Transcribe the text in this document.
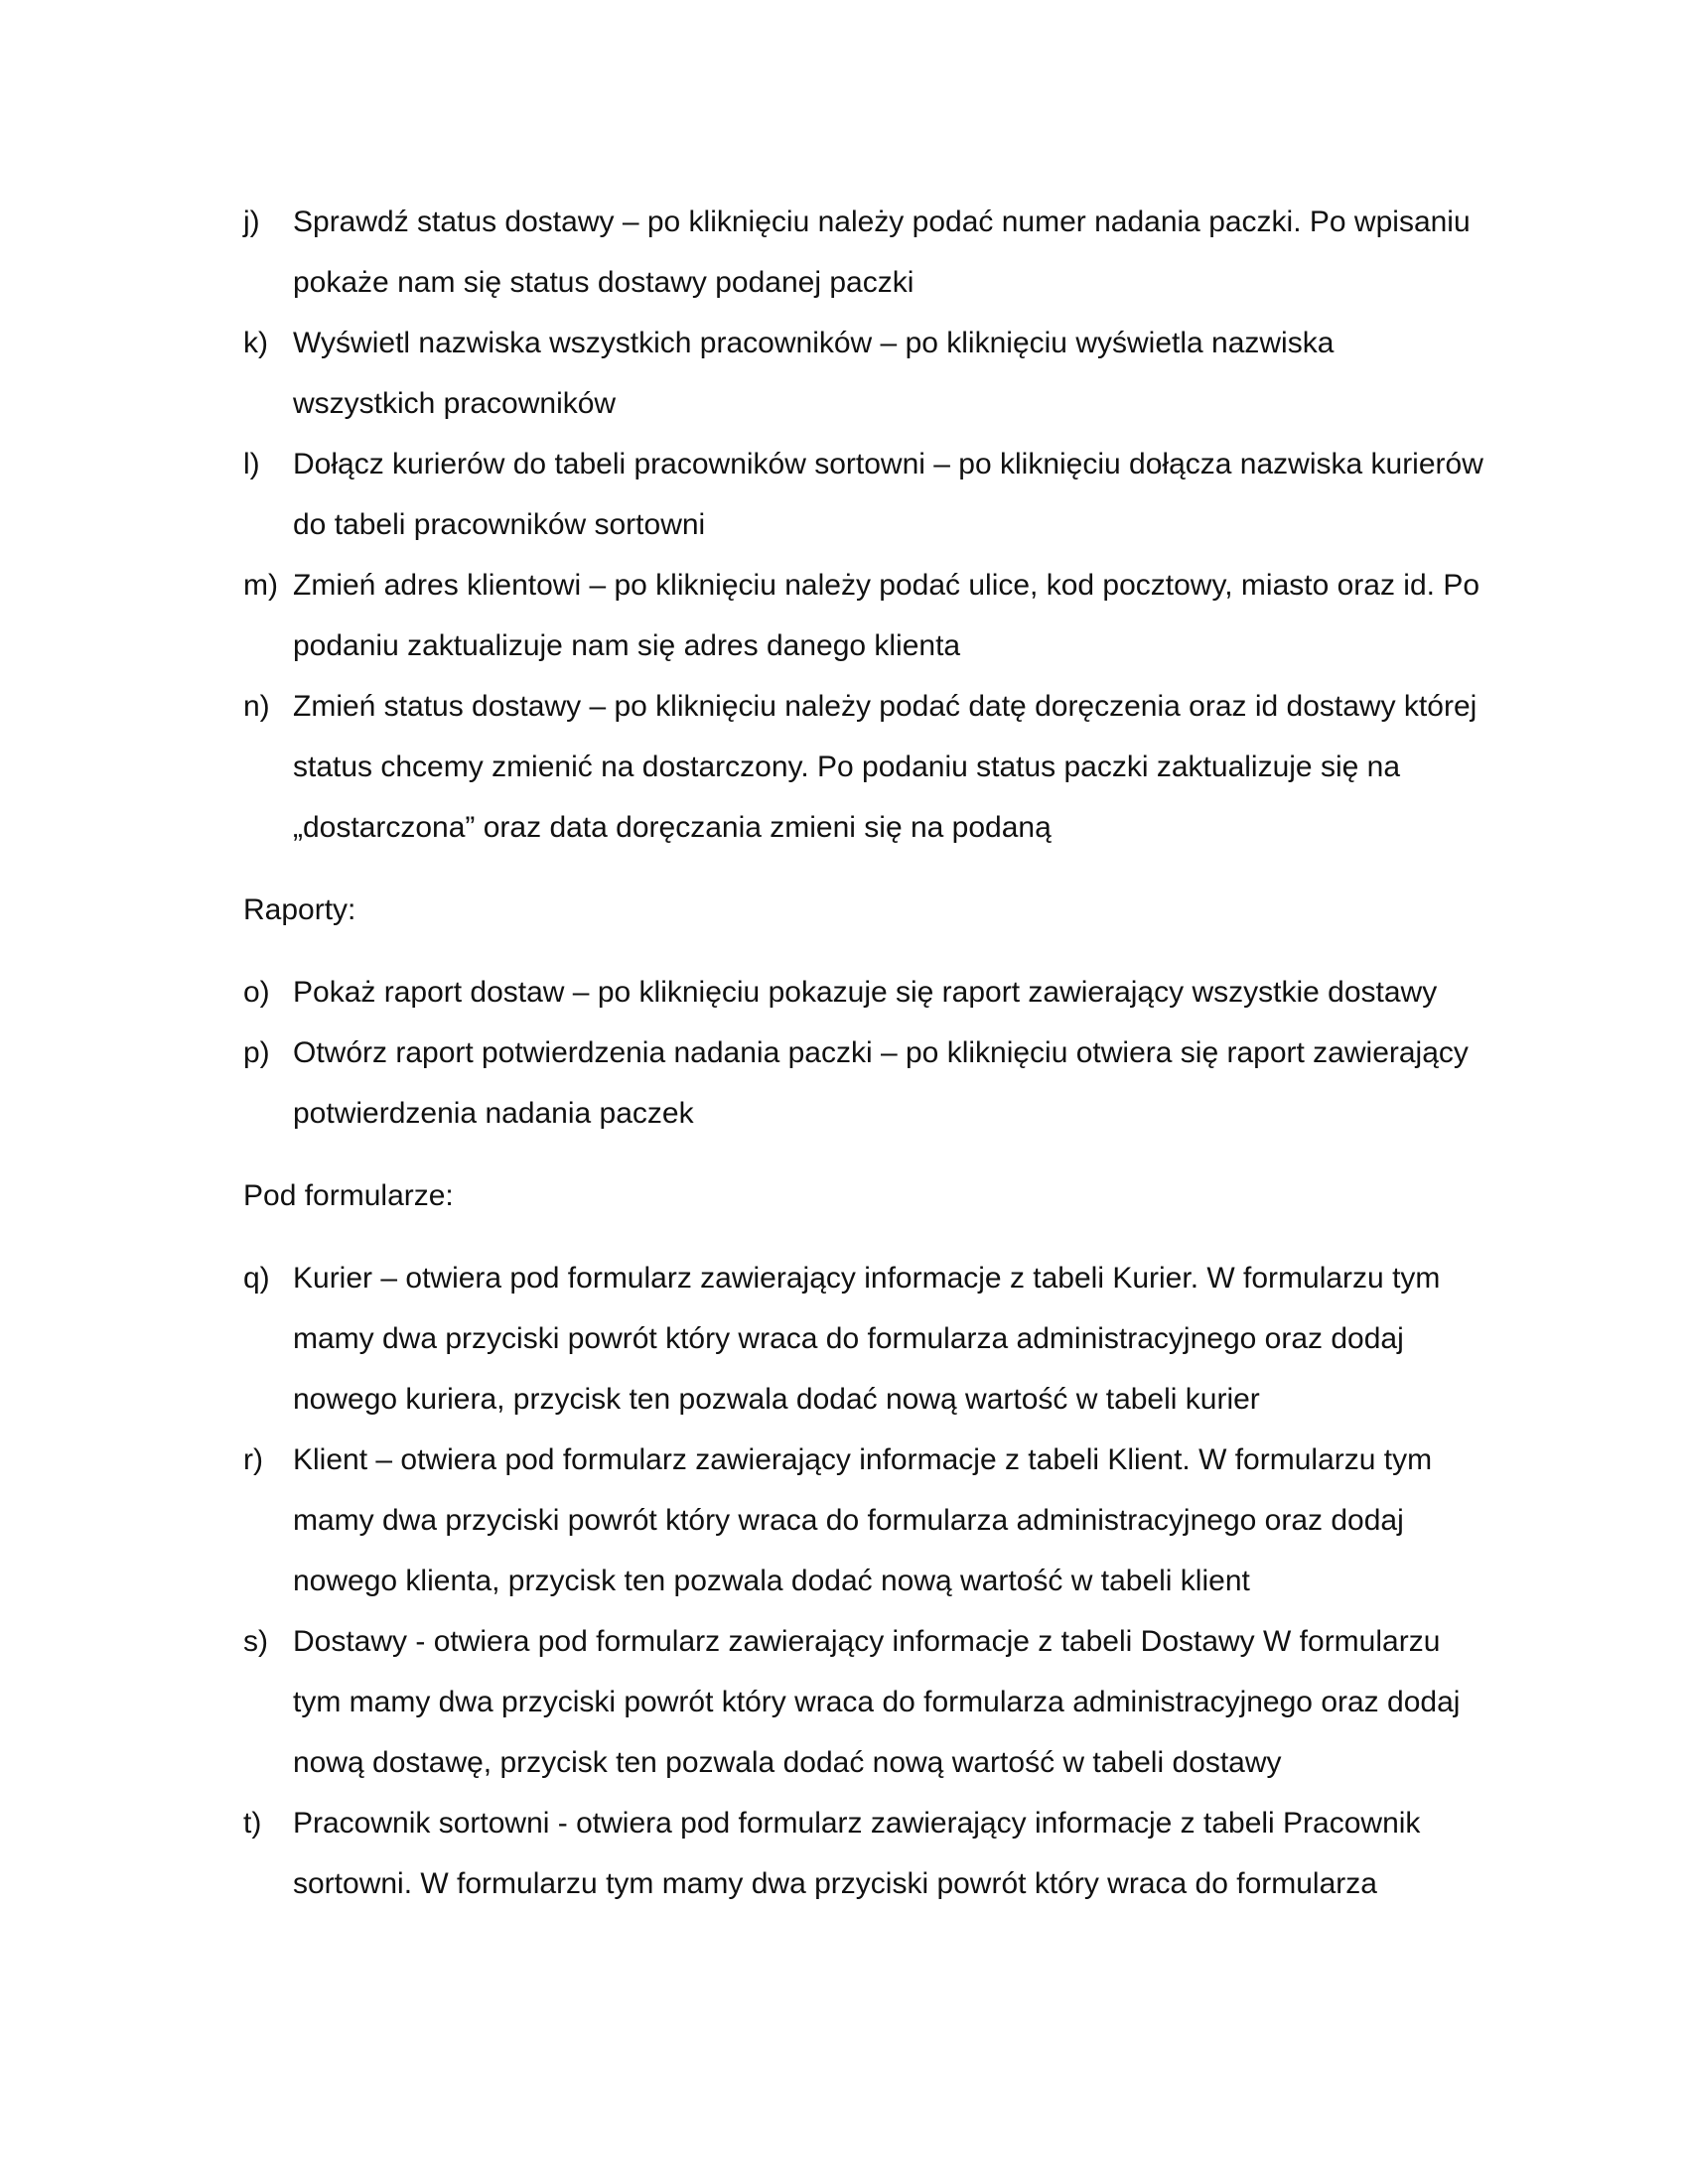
j)	Sprawdź status dostawy – po kliknięciu należy podać numer nadania paczki. Po wpisaniu pokaże nam się status dostawy podanej paczki
k) Wyświetl nazwiska wszystkich pracowników – po kliknięciu wyświetla nazwiska wszystkich pracowników
l)	Dołącz kurierów do tabeli pracowników sortowni – po kliknięciu dołącza nazwiska kurierów do tabeli pracowników sortowni
m) Zmień adres klientowi – po kliknięciu należy podać ulice, kod pocztowy, miasto oraz id. Po podaniu zaktualizuje nam się adres danego klienta
n) Zmień status dostawy – po kliknięciu należy podać datę doręczenia oraz id dostawy której status chcemy zmienić na dostarczony. Po podaniu status paczki zaktualizuje się na „dostarczona” oraz data doręczania zmieni się na podaną
Raporty:
o) Pokaż raport dostaw – po kliknięciu pokazuje się raport zawierający wszystkie dostawy
p) Otwórz raport potwierdzenia nadania paczki – po kliknięciu otwiera się raport zawierający potwierdzenia nadania paczek
Pod formularze:
q) Kurier – otwiera pod formularz zawierający informacje z tabeli Kurier. W formularzu tym mamy dwa przyciski powrót który wraca do formularza administracyjnego oraz dodaj nowego kuriera, przycisk ten pozwala dodać nową wartość w tabeli kurier
r)	Klient – otwiera pod formularz zawierający informacje z tabeli Klient. W formularzu tym mamy dwa przyciski powrót który wraca do formularza administracyjnego oraz dodaj nowego klienta, przycisk ten pozwala dodać nową wartość w tabeli klient
s) Dostawy - otwiera pod formularz zawierający informacje z tabeli Dostawy W formularzu tym mamy dwa przyciski powrót który wraca do formularza administracyjnego oraz dodaj nową dostawę, przycisk ten pozwala dodać nową wartość w tabeli dostawy
t)	Pracownik sortowni - otwiera pod formularz zawierający informacje z tabeli Pracownik sortowni. W formularzu tym mamy dwa przyciski powrót który wraca do formularza
